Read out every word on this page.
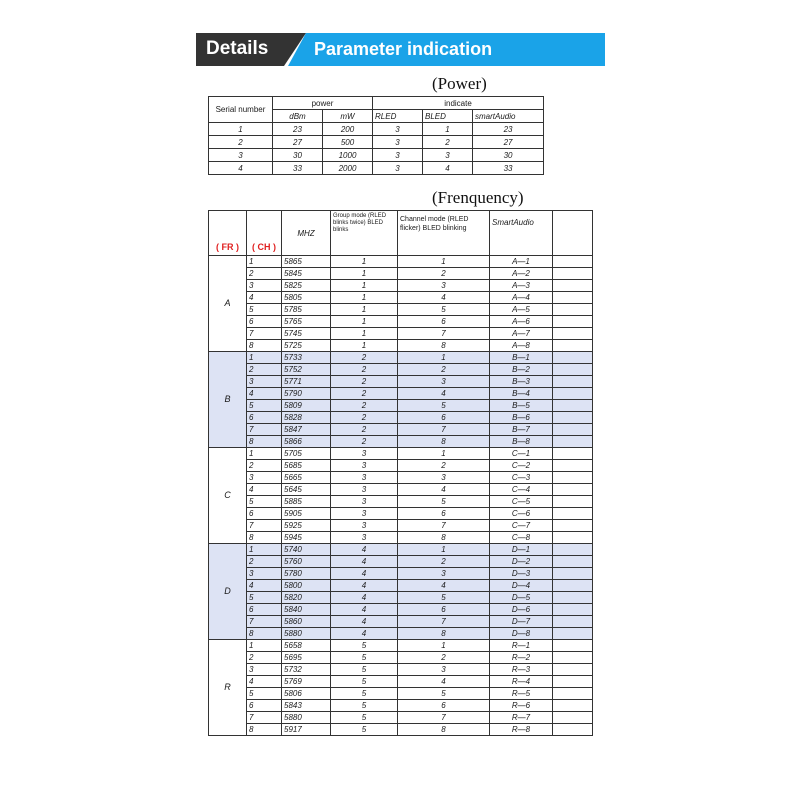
Details	Parameter indication
(Power)
Serial number	power		indicate		
	dBm	mW	RLED	BLED	smartAudio
1	23	200	3	1	23
2	27	500	3	2	27
3	30	1000	3	3	30
4	33	2000	3	4	33
(Frenquency)
( FR )	( CH )	MHZ	Group mode (RLED blinks twice) BLED blinks	Channel mode (RLED flicker) BLED blinking	SmartAudio	
A	1	5865	1	1	A—1	
	2	5845	1	2	A—2	
	3	5825	1	3	A—3	
	4	5805	1	4	A—4	
	5	5785	1	5	A—5	
	6	5765	1	6	A—6	
	7	5745	1	7	A—7	
	8	5725	1	8	A—8	
B	1	5733	2	1	B—1	
	2	5752	2	2	B—2	
	3	5771	2	3	B—3	
	4	5790	2	4	B—4	
	5	5809	2	5	B—5	
	6	5828	2	6	B—6	
	7	5847	2	7	B—7	
	8	5866	2	8	B—8	
C	1	5705	3	1	C—1	
	2	5685	3	2	C—2	
	3	5665	3	3	C—3	
	4	5645	3	4	C—4	
	5	5885	3	5	C—5	
	6	5905	3	6	C—6	
	7	5925	3	7	C—7	
	8	5945	3	8	C—8	
D	1	5740	4	1	D—1	
	2	5760	4	2	D—2	
	3	5780	4	3	D—3	
	4	5800	4	4	D—4	
	5	5820	4	5	D—5	
	6	5840	4	6	D—6	
	7	5860	4	7	D—7	
	8	5880	4	8	D—8	
R	1	5658	5	1	R—1	
	2	5695	5	2	R—2	
	3	5732	5	3	R—3	
	4	5769	5	4	R—4	
	5	5806	5	5	R—5	
	6	5843	5	6	R—6	
	7	5880	5	7	R—7	
	8	5917	5	8	R—8	
